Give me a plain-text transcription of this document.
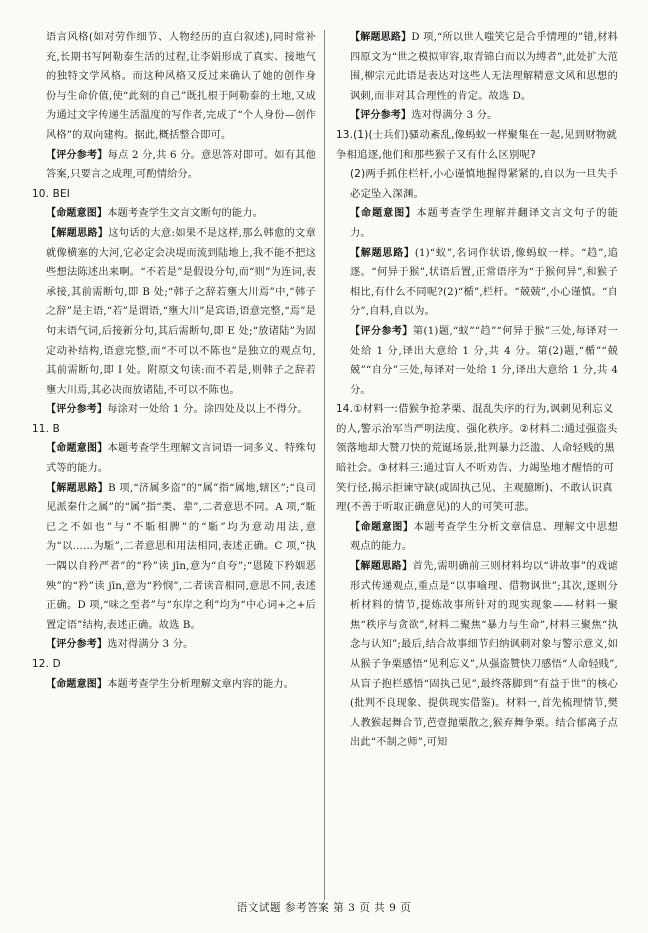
语言风格(如对劳作细节、人物经历的直白叙述),同时常补充,长期书写阿勒泰生活的过程,让李娟形成了真实、接地气的独特文学风格。而这种风格又反过来确认了她的创作身份与生命价值,使“此刻的自己”既扎根于阿勒泰的土地,又成为通过文字传递生活温度的写作者,完成了“个人身份—创作风格”的双向建构。据此,概括整合即可。

【评分参考】每点 2 分,共 6 分。意思答对即可。如有其他答案,只要言之成理,可酌情给分。

10. BEI

【命题意图】本题考查学生文言文断句的能力。

【解题思路】这句话的大意:如果不是这样,那么韩愈的文章就像横塞的大河,它必定会决堤而流到陆地上,我不能不把这些想法陈述出来啊。“不若是”是假设分句,而“则”为连词,表承接,其前需断句,即 B 处;“韩子之辞若壅大川焉”中,“韩子之辞”是主语,“若”是谓语,“壅大川”是宾语,语意完整,“焉”是句末语气词,后接新分句,其后需断句,即 E 处;“放诸陆”为固定动补结构,语意完整,而“不可以不陈也”是独立的观点句,其前需断句,即 I 处。附原文句读:而不若是,则韩子之辞若壅大川焉,其必决而放诸陆,不可以不陈也。

【评分参考】每涂对一处给 1 分。涂四处及以上不得分。

11. B

【命题意图】本题考查学生理解文言词语一词多义、特殊句式等的能力。

【解题思路】B 项,“济属多盗”的“属”指“属地,辖区”;“良司见派秦什之属”的“属”指“类、辈”,二者意思不同。A 项,“駈已之不如也”与“不駈相脾”的“駈”均为意动用法,意为“以……为駈”,二者意思和用法相同,表述正确。C 项,“执一隅以自矜严者”的“矜”读 jīn,意为“自夸”;“恩陵下矜姻恶殃”的“矜”读 jīn,意为“矜悯”,二者读音相同,意思不同,表述正确。D 项,“味之至者”与“东岸之利”均为“中心词+之+后置定语”结构,表述正确。故选 B。

【评分参考】选对得满分 3 分。

12. D

【命题意图】本题考查学生分析理解文章内容的能力。

【解题思路】D 项,“所以世人嗤笑它是合乎情理的”错,材料四原文为“世之模拟审容,取青锦白而以为缚者”,此处扩大范围,柳宗元此语是表达对这些人无法理解精意文风和思想的讽刺,而非对其合理性的肯定。故选 D。

【评分参考】选对得满分 3 分。

13.(1)(士兵们)骚动紊乱,像蚂蚁一样聚集在一起,见到财物就争相追逐,他们和那些猴子又有什么区别呢?

(2)两手抓住栏杆,小心谨慎地握得紧紧的,自以为一旦失手必定坠入深渊。

【命题意图】本题考查学生理解并翻译文言文句子的能力。

【解题思路】(1)“蚁”,名词作状语,像蚂蚁一样。“趋”,追逐。“何异于猴”,状语后置,正常语序为“于猴何异”,和猴子相比,有什么不同呢?(2)“楯”,栏杆。“兢兢”,小心谨慎。“自分”,自料,自以为。

【评分参考】第(1)题,“蚁”“趋”“何异于猴”三处,每译对一处给 1 分,译出大意给 1 分,共 4 分。第(2)题,“楯”“兢兢”“自分”三处,每译对一处给 1 分,译出大意给 1 分,共 4 分。

14.①材料一:借猴争抢茅栗、混乱失序的行为,讽刺见利忘义的人,警示治军当严明法度、强化秩序。②材料二:通过强盗头领落地却大赞刀快的荒诞场景,批判暴力泛滥、人命轻贱的黑暗社会。③材料三:通过盲人不听劝告、力竭坠地才醒悟的可笑行径,揭示拒谏守缺(或固执己见、主观臆断)、不敢认识真理(不善于听取正确意见)的人的可笑可悲。

【命题意图】本题考查学生分析文章信息、理解文中思想观点的能力。

【解题思路】首先,需明确前三则材料均以“讲故事”的戏谑形式传递观点,重点是“以事喻理、借物讽世”;其次,逐则分析材料的情节,提炼故事所针对的现实现象——材料一聚焦“秩序与贪欲”,材料二聚焦“暴力与生命”,材料三聚焦“执念与认知”;最后,结合故事细节归纳讽刺对象与警示意义,如从猴子争栗感悟“见利忘义”,从强盗赞快刀感悟“人命轻贱”,从盲子抱栏感悟“固执己见”,最终落脚到“有益于世”的核心(批判不良现象、提供现实借鉴)。材料一,首先梳理情节,樊人教猴起舞合节,芭壹抛栗散之,猴弃舞争栗。结合郁离子点出此“不制之师”,可知

语文试题 参考答案 第 3 页 共 9 页
